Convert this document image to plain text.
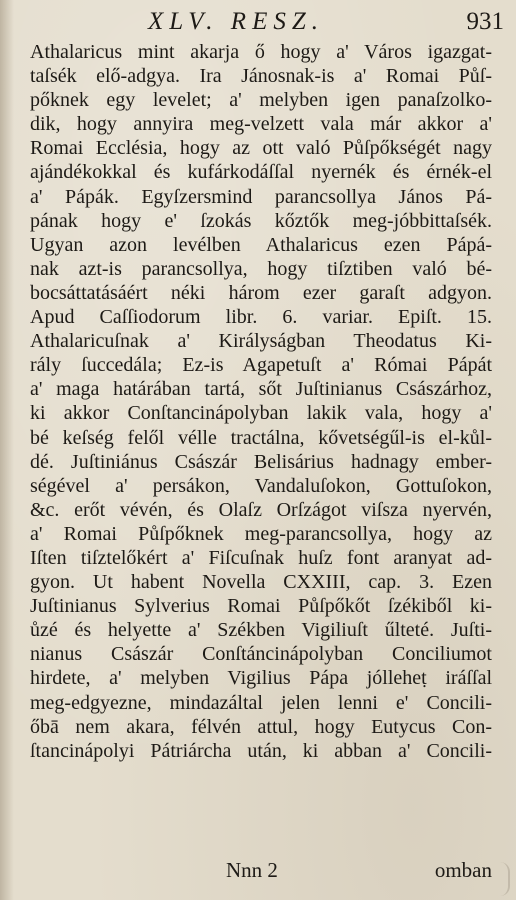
XLV. RESZ.	931
Athalaricus mint akarja ő hogy a' Város igazgat-
taſsék elő-adgya. Ira Jánosnak-is a' Romai Půſ-
pőknek egy levelet; a' melyben igen panaſzolko-
dik, hogy annyira meg-velzett vala már akkor a'
Romai Ecclésia, hogy az ott való Půſpőkségét nagy
ajándékokkal és kufárkodáſſal nyernék és érnék-el
a' Pápák. Egyſzersmind parancsollya János Pá-
pának hogy e' ſzokás kőztők meg-jóbbittaſsék.
Ugyan azon levélben Athalaricus ezen Pápá-
nak azt-is parancsollya, hogy tiſztiben való bé-
bocsáttatásáért néki három ezer garaſt adgyon.
Apud Caſſiodorum libr. 6. variar. Epiſt. 15.
Athalaricuſnak a' Királyságban Theodatus Ki-
rály ſuccedála; Ez-is Agapetuſt a' Római Pápát
a' maga határában tartá, sőt Juſtinianus Császárhoz,
ki akkor Conſtancinápolyban lakik vala, hogy a'
bé keſség felől vélle tractálna, kővetségűl-is el-kůl-
dé. Juſtiniánus Császár Belisárius hadnagy ember-
ségével a' persákon, Vandaluſokon, Gottuſokon,
&c. erőt vévén, és Olaſz Orſzágot viſsza nyervén,
a' Romai Půſpőknek meg-parancsollya, hogy az
Iſten tiſztelőkért a' Fiſcuſnak huſz font aranyat ad-
gyon. Ut habent Novella CXXIII, cap. 3. Ezen
Juſtinianus Sylverius Romai Půſpőkőt ſzékiből ki-
ůzé és helyette a' Székben Vigiliuſt űlteté. Juſti-
nianus Császár Conſtáncinápolyban Conciliumot
hirdete, a' melyben Vigilius Pápa jólleheṭ iráſſal
meg-edgyezne, mindazáltal jelen lenni e' Concili-
őbā nem akara, félvén attul, hogy Eutycus Con-
ſtancinápolyi Pátriárcha után, ki abban a' Concili-
Nnn 2	omban
